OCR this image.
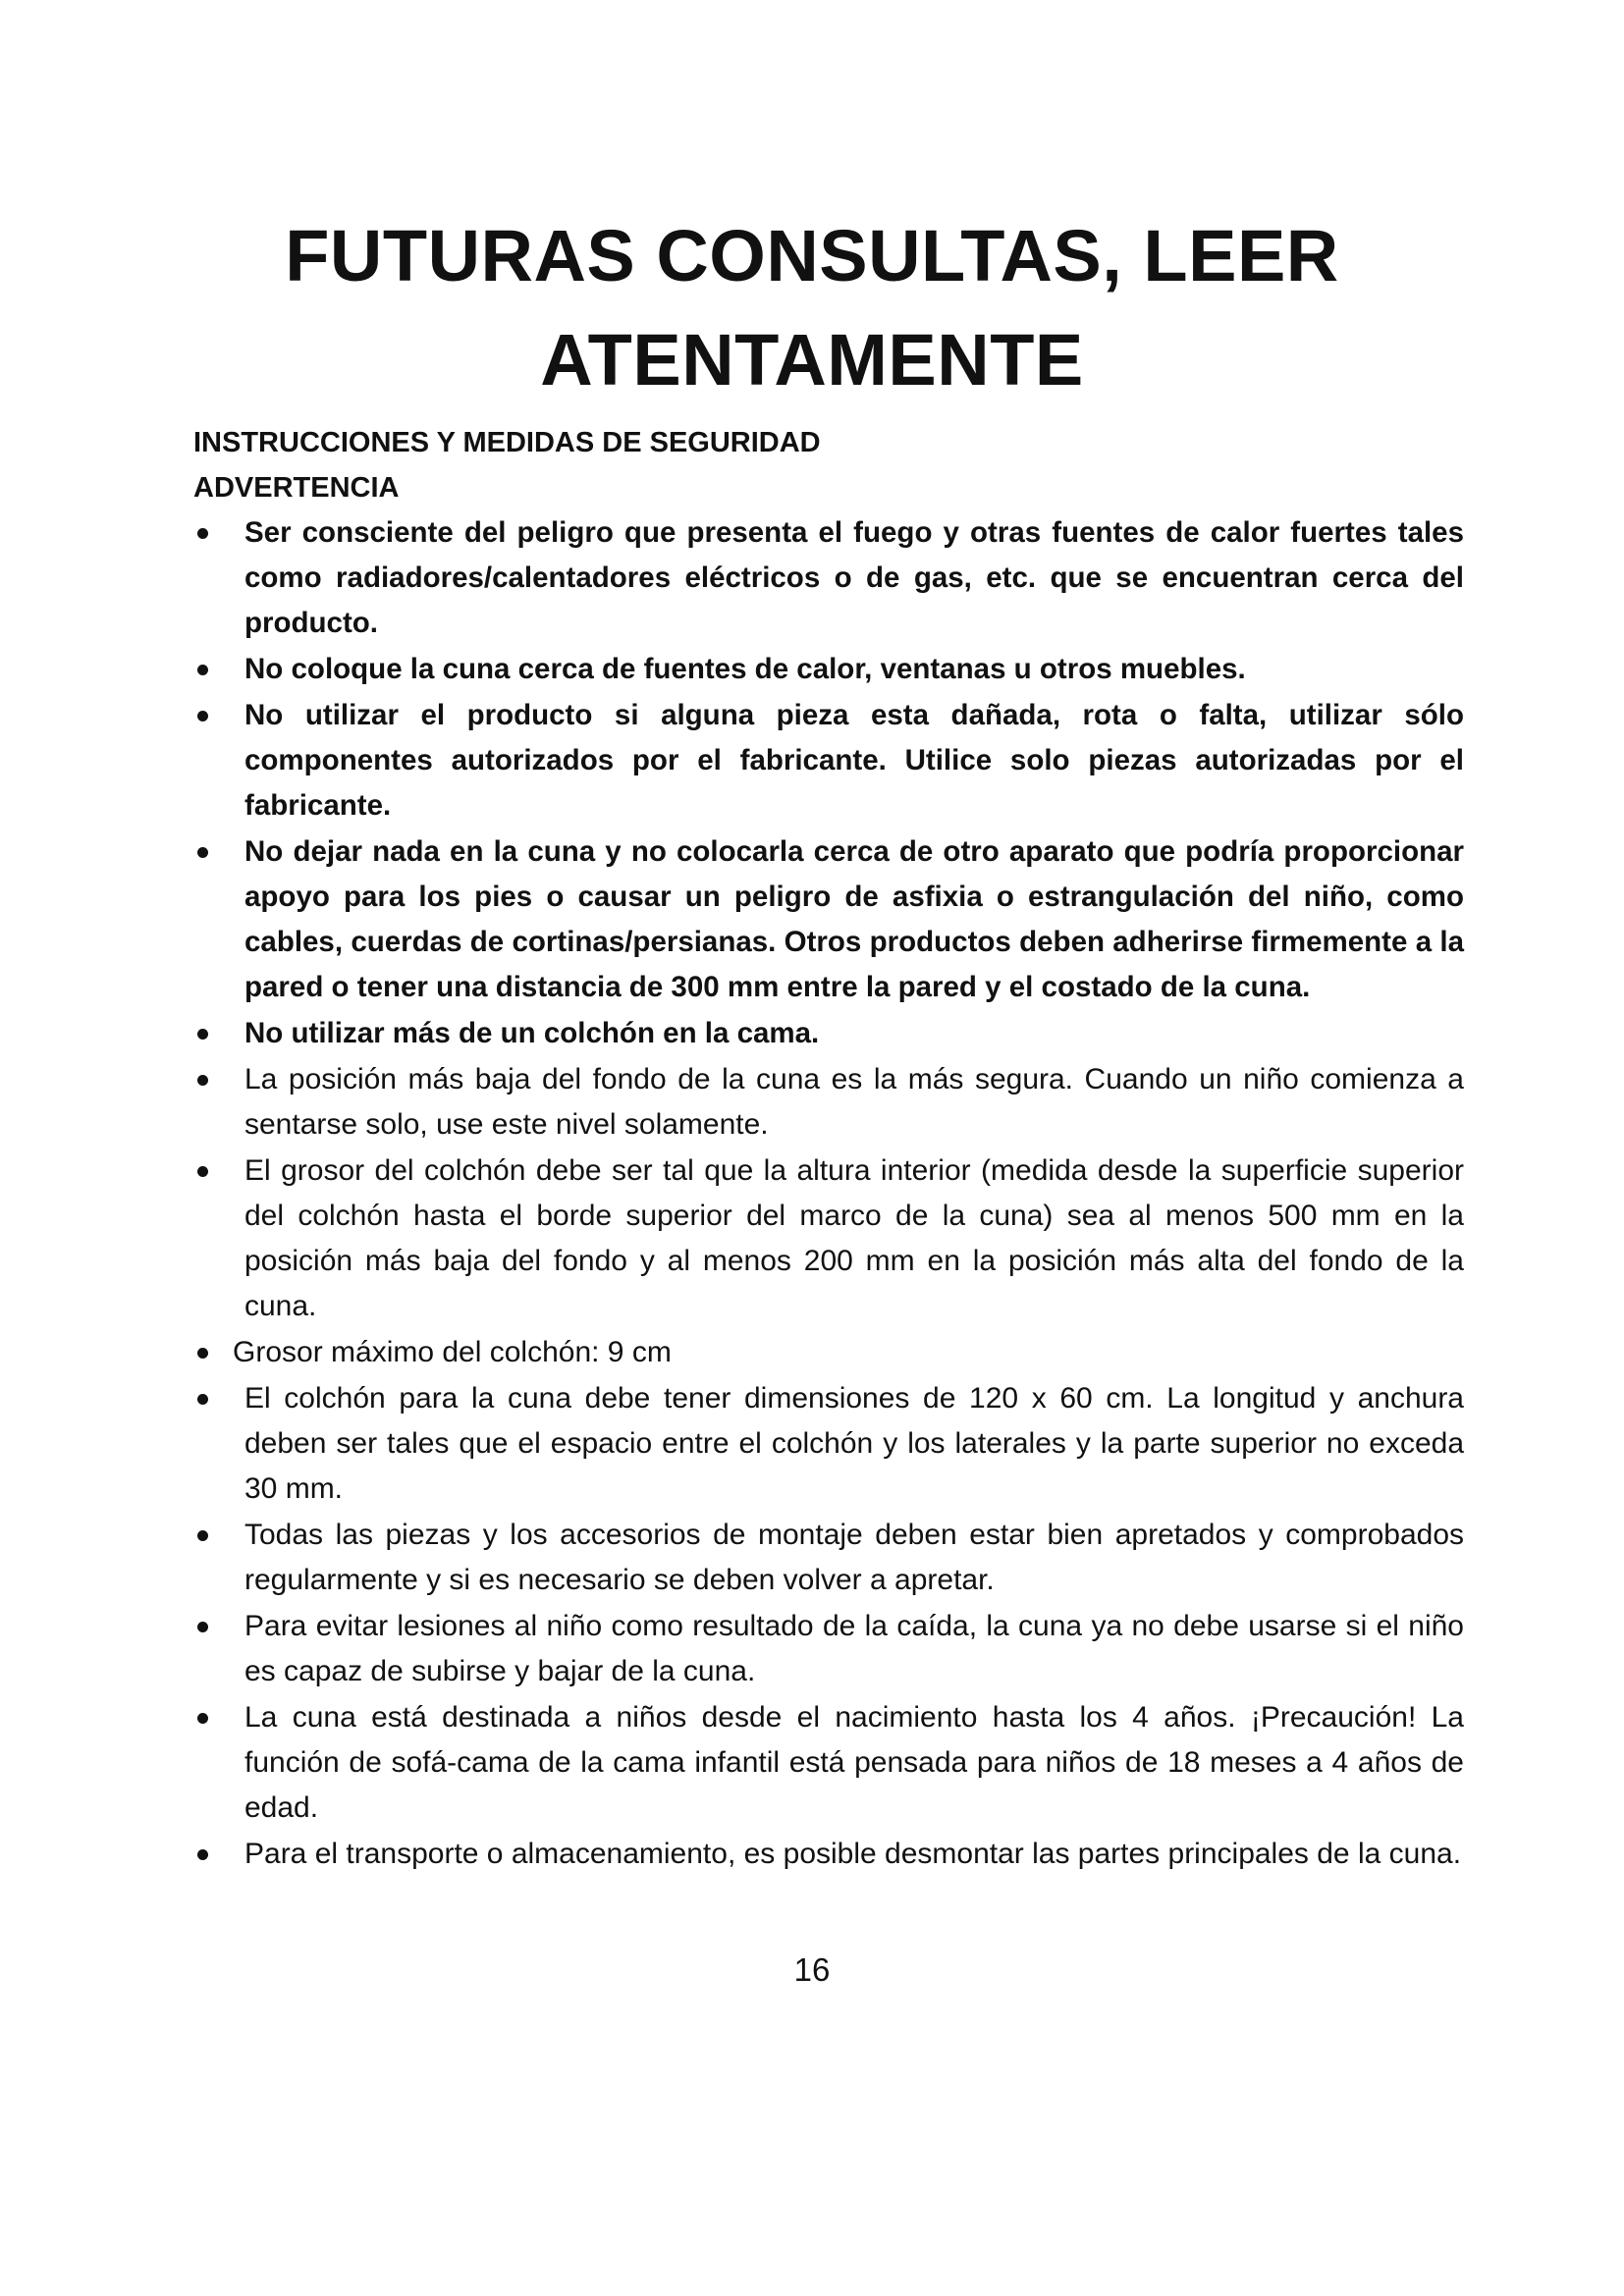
FUTURAS CONSULTAS, LEER
ATENTAMENTE
INSTRUCCIONES Y MEDIDAS DE SEGURIDAD
ADVERTENCIA
Ser consciente del peligro que presenta el fuego y otras fuentes de calor fuertes tales como radiadores/calentadores eléctricos o de gas, etc. que se encuentran cerca del producto.
No coloque la cuna cerca de fuentes de calor, ventanas u otros muebles.
No utilizar el producto si alguna pieza esta dañada, rota o falta, utilizar sólo componentes autorizados por el fabricante. Utilice solo piezas autorizadas por el fabricante.
No dejar nada en la cuna y no colocarla cerca de otro aparato que podría proporcionar apoyo para los pies o causar un peligro de asfixia o estrangulación del niño, como cables, cuerdas de cortinas/persianas. Otros productos deben adherirse firmemente a la pared o tener una distancia de 300 mm entre la pared y el costado de la cuna.
No utilizar más de un colchón en la cama.
La posición más baja del fondo de la cuna es la más segura. Cuando un niño comienza a sentarse solo, use este nivel solamente.
El grosor del colchón debe ser tal que la altura interior (medida desde la superficie superior del colchón hasta el borde superior del marco de la cuna) sea al menos 500 mm en la posición más baja del fondo y al menos 200 mm en la posición más alta del fondo de la cuna.
Grosor máximo del colchón: 9 cm
El colchón para la cuna debe tener dimensiones de 120 x 60 cm. La longitud y anchura deben ser tales que el espacio entre el colchón y los laterales y la parte superior no exceda 30 mm.
Todas las piezas y los accesorios de montaje deben estar bien apretados y comprobados regularmente y si es necesario se deben volver a apretar.
Para evitar lesiones al niño como resultado de la caída, la cuna ya no debe usarse si el niño es capaz de subirse y bajar de la cuna.
La cuna está destinada a niños desde el nacimiento hasta los 4 años. ¡Precaución! La función de sofá-cama de la cama infantil está pensada para niños de 18 meses a 4 años de edad.
Para el transporte o almacenamiento, es posible desmontar las partes principales de la cuna.
16
